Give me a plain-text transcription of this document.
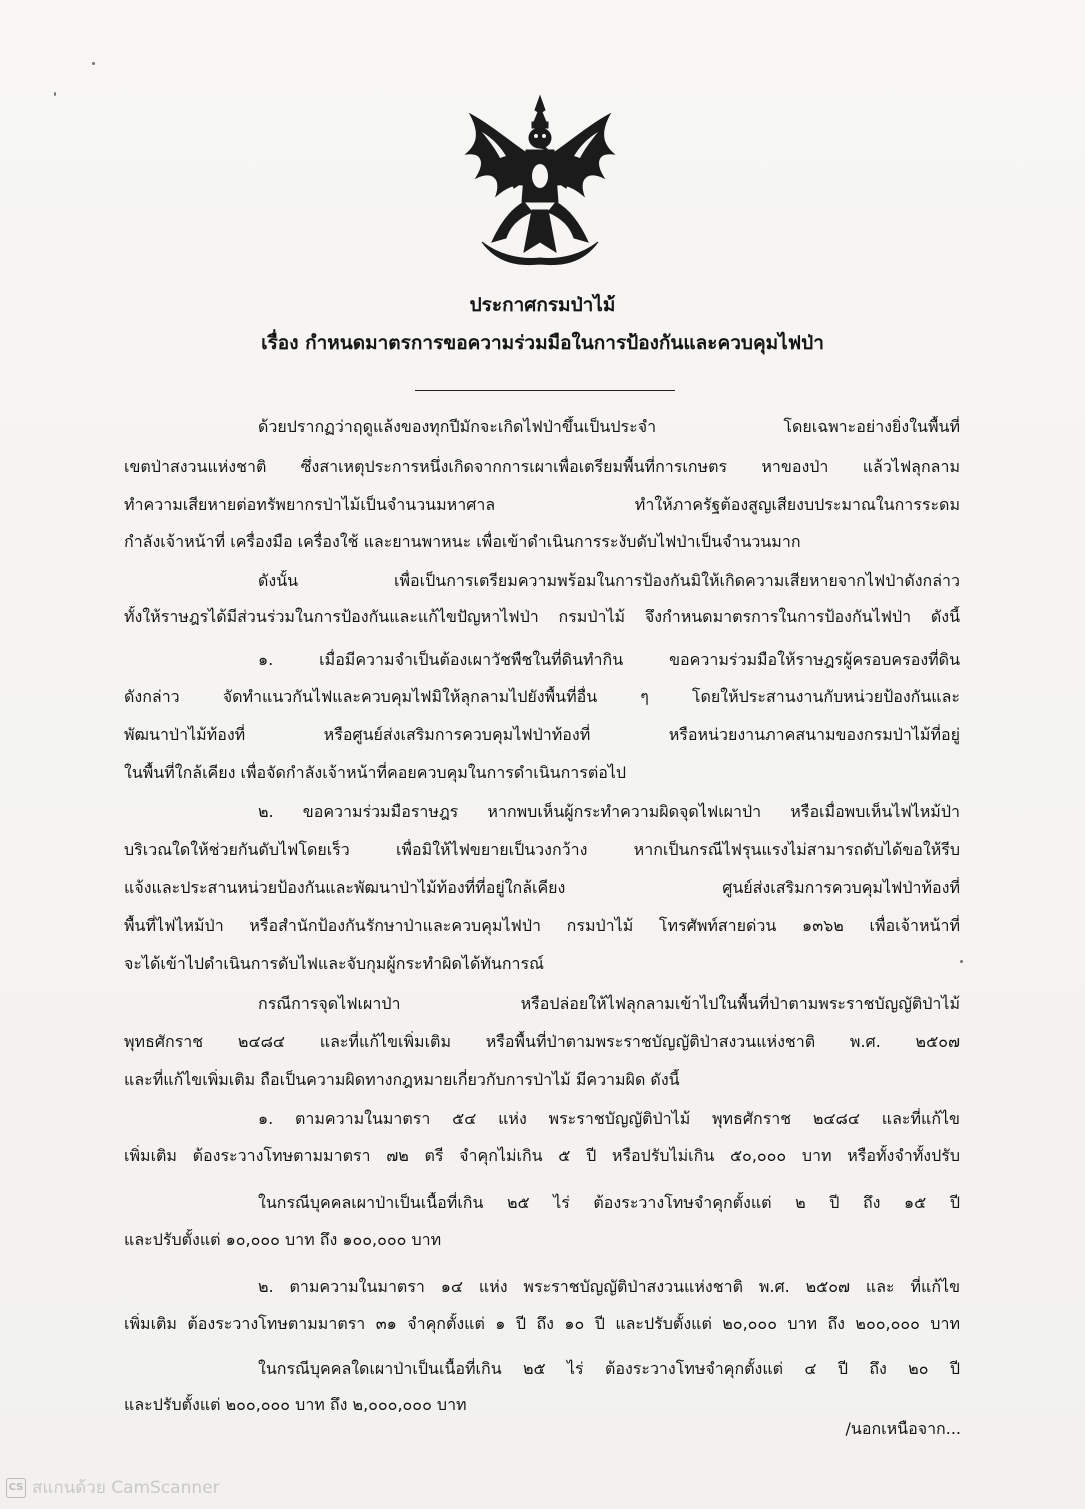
ประกาศกรมป่าไม้
เรื่อง กำหนดมาตรการขอความร่วมมือในการป้องกันและควบคุมไฟป่า
ด้วยปรากฏว่าฤดูแล้งของทุกปีมักจะเกิดไฟป่าขึ้นเป็นประจำ โดยเฉพาะอย่างยิ่งในพื้นที่
เขตป่าสงวนแห่งชาติ ซึ่งสาเหตุประการหนึ่งเกิดจากการเผาเพื่อเตรียมพื้นที่การเกษตร หาของป่า แล้วไฟลุกลาม
ทำความเสียหายต่อทรัพยากรป่าไม้เป็นจำนวนมหาศาล ทำให้ภาครัฐต้องสูญเสียงบประมาณในการระดม
กำลังเจ้าหน้าที่ เครื่องมือ เครื่องใช้ และยานพาหนะ เพื่อเข้าดำเนินการระงับดับไฟป่าเป็นจำนวนมาก
ดังนั้น เพื่อเป็นการเตรียมความพร้อมในการป้องกันมิให้เกิดความเสียหายจากไฟป่าดังกล่าว
ทั้งให้ราษฎรได้มีส่วนร่วมในการป้องกันและแก้ไขปัญหาไฟป่า กรมป่าไม้ จึงกำหนดมาตรการในการป้องกันไฟป่า ดังนี้
๑. เมื่อมีความจำเป็นต้องเผาวัชพืชในที่ดินทำกิน ขอความร่วมมือให้ราษฎรผู้ครอบครองที่ดิน
ดังกล่าว จัดทำแนวกันไฟและควบคุมไฟมิให้ลุกลามไปยังพื้นที่อื่น ๆ โดยให้ประสานงานกับหน่วยป้องกันและ
พัฒนาป่าไม้ท้องที่ หรือศูนย์ส่งเสริมการควบคุมไฟป่าท้องที่ หรือหน่วยงานภาคสนามของกรมป่าไม้ที่อยู่
ในพื้นที่ใกล้เคียง เพื่อจัดกำลังเจ้าหน้าที่คอยควบคุมในการดำเนินการต่อไป
๒. ขอความร่วมมือราษฎร หากพบเห็นผู้กระทำความผิดจุดไฟเผาป่า หรือเมื่อพบเห็นไฟไหม้ป่า
บริเวณใดให้ช่วยกันดับไฟโดยเร็ว เพื่อมิให้ไฟขยายเป็นวงกว้าง หากเป็นกรณีไฟรุนแรงไม่สามารถดับได้ขอให้รีบ
แจ้งและประสานหน่วยป้องกันและพัฒนาป่าไม้ท้องที่ที่อยู่ใกล้เคียง ศูนย์ส่งเสริมการควบคุมไฟป่าท้องที่
พื้นที่ไฟไหม้ป่า หรือสำนักป้องกันรักษาป่าและควบคุมไฟป่า กรมป่าไม้ โทรศัพท์สายด่วน ๑๓๖๒ เพื่อเจ้าหน้าที่
จะได้เข้าไปดำเนินการดับไฟและจับกุมผู้กระทำผิดได้ทันการณ์
กรณีการจุดไฟเผาป่า หรือปล่อยให้ไฟลุกลามเข้าไปในพื้นที่ป่าตามพระราชบัญญัติป่าไม้
พุทธศักราช ๒๔๘๔ และที่แก้ไขเพิ่มเติม หรือพื้นที่ป่าตามพระราชบัญญัติป่าสงวนแห่งชาติ พ.ศ. ๒๕๐๗
และที่แก้ไขเพิ่มเติม ถือเป็นความผิดทางกฎหมายเกี่ยวกับการป่าไม้ มีความผิด ดังนี้
๑. ตามความในมาตรา ๕๔ แห่ง พระราชบัญญัติป่าไม้ พุทธศักราช ๒๔๘๔ และที่แก้ไข
เพิ่มเติม ต้องระวางโทษตามมาตรา ๗๒ ตรี จำคุกไม่เกิน ๕ ปี หรือปรับไม่เกิน ๕๐,๐๐๐ บาท หรือทั้งจำทั้งปรับ
ในกรณีบุคคลเผาป่าเป็นเนื้อที่เกิน ๒๕ ไร่ ต้องระวางโทษจำคุกตั้งแต่ ๒ ปี ถึง ๑๕ ปี
และปรับตั้งแต่ ๑๐,๐๐๐ บาท ถึง ๑๐๐,๐๐๐ บาท
๒. ตามความในมาตรา ๑๔ แห่ง พระราชบัญญัติป่าสงวนแห่งชาติ พ.ศ. ๒๕๐๗ และ ที่แก้ไข
เพิ่มเติม ต้องระวางโทษตามมาตรา ๓๑ จำคุกตั้งแต่ ๑ ปี ถึง ๑๐ ปี และปรับตั้งแต่ ๒๐,๐๐๐ บาท ถึง ๒๐๐,๐๐๐ บาท
ในกรณีบุคคลใดเผาป่าเป็นเนื้อที่เกิน ๒๕ ไร่ ต้องระวางโทษจำคุกตั้งแต่ ๔ ปี ถึง ๒๐ ปี
และปรับตั้งแต่ ๒๐๐,๐๐๐ บาท ถึง ๒,๐๐๐,๐๐๐ บาท
/นอกเหนือจาก...
CS สแกนด้วย CamScanner
